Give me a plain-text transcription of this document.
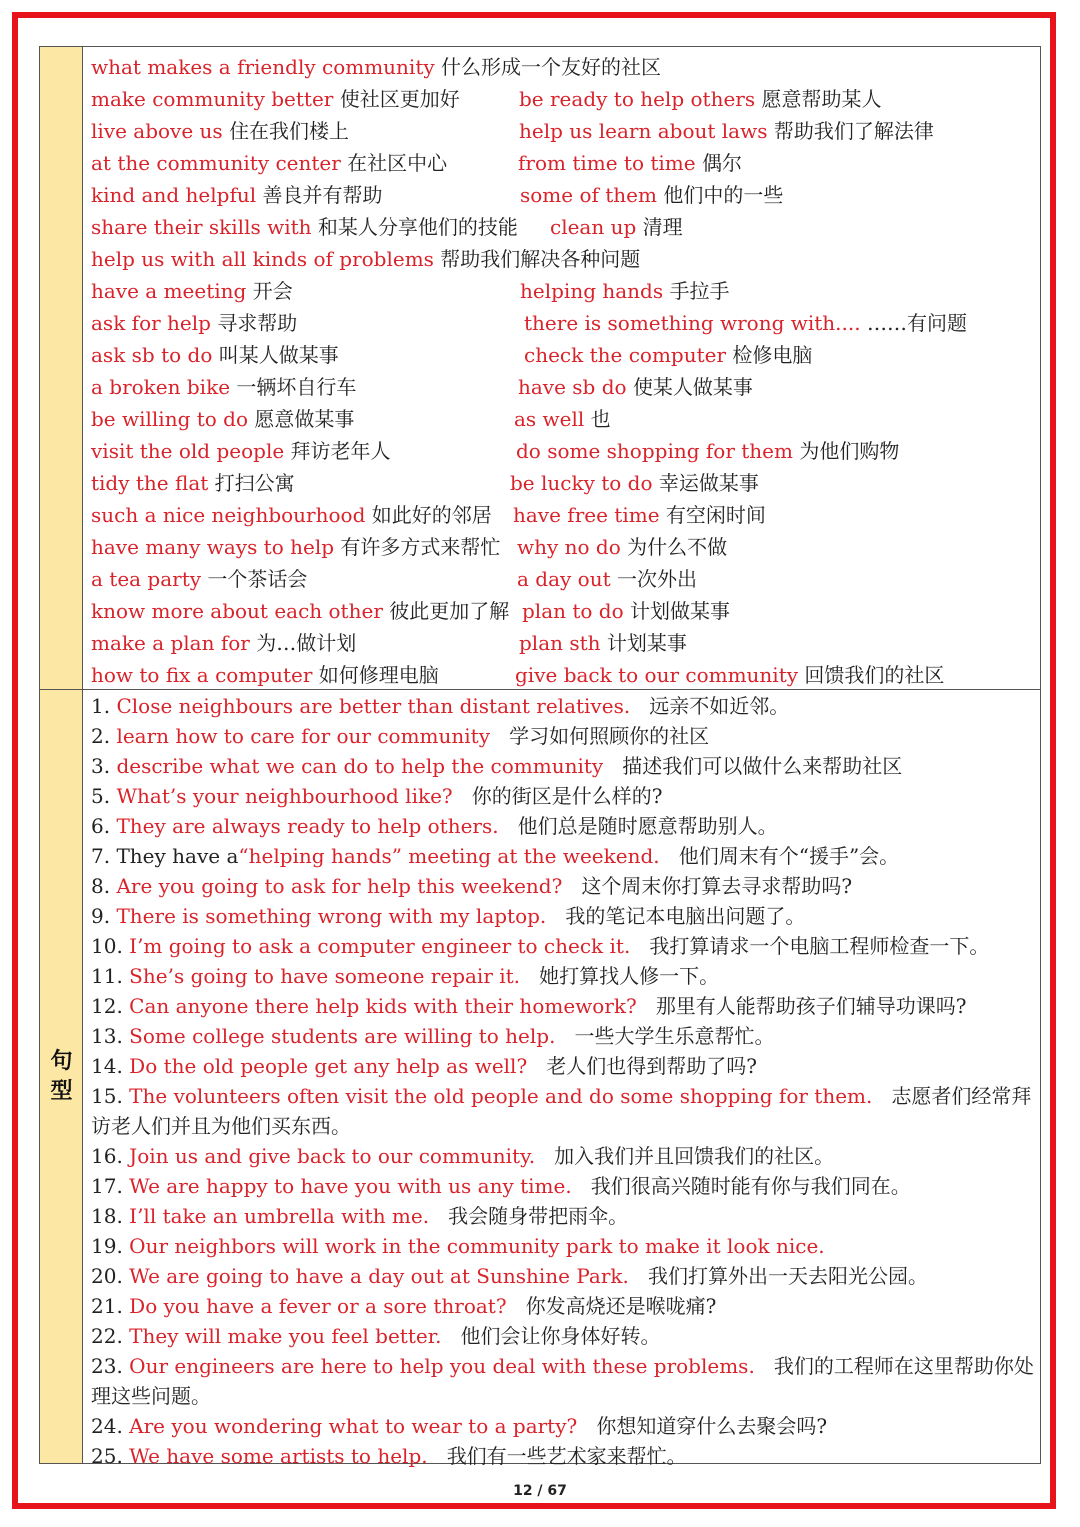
句型
what makes a friendly community 什么形成一个友好的社区
make community better 使社区更加好	be ready to help others 愿意帮助某人
live above us 住在我们楼上	help us learn about laws 帮助我们了解法律
at the community center 在社区中心	from time to time 偶尔
kind and helpful 善良并有帮助	some of them 他们中的一些
share their skills with 和某人分享他们的技能 clean up 清理
help us with all kinds of problems 帮助我们解决各种问题
have a meeting 开会	helping hands 手拉手
ask for help 寻求帮助	there is something wrong with.... ……有问题
ask sb to do 叫某人做某事	check the computer 检修电脑
a broken bike 一辆坏自行车	have sb do 使某人做某事
be willing to do 愿意做某事	as well 也
visit the old people 拜访老年人	do some shopping for them 为他们购物
tidy the flat 打扫公寓	be lucky to do 幸运做某事
such a nice neighbourhood 如此好的邻居 have free time 有空闲时间
have many ways to help 有许多方式来帮忙 why no do 为什么不做
a tea party 一个茶话会	a day out 一次外出
know more about each other 彼此更加了解 plan to do 计划做某事
make a plan for 为…做计划	plan sth 计划某事
how to fix a computer 如何修理电脑	give back to our community 回馈我们的社区
1. Close neighbours are better than distant relatives. 远亲不如近邻。
2. learn how to care for our community 学习如何照顾你的社区
3. describe what we can do to help the community 描述我们可以做什么来帮助社区
5. What’s your neighbourhood like? 你的街区是什么样的?
6. They are always ready to help others. 他们总是随时愿意帮助别人。
7. They have a“helping hands” meeting at the weekend. 他们周末有个“援手”会。
8. Are you going to ask for help this weekend? 这个周末你打算去寻求帮助吗?
9. There is something wrong with my laptop. 我的笔记本电脑出问题了。
10. I’m going to ask a computer engineer to check it. 我打算请求一个电脑工程师检查一下。
11. She’s going to have someone repair it. 她打算找人修一下。
12. Can anyone there help kids with their homework? 那里有人能帮助孩子们辅导功课吗?
13. Some college students are willing to help. 一些大学生乐意帮忙。
14. Do the old people get any help as well? 老人们也得到帮助了吗?
15. The volunteers often visit the old people and do some shopping for them. 志愿者们经常拜访老人们并且为他们买东西。
16. Join us and give back to our community. 加入我们并且回馈我们的社区。
17. We are happy to have you with us any time. 我们很高兴随时能有你与我们同在。
18. I’ll take an umbrella with me. 我会随身带把雨伞。
19. Our neighbors will work in the community park to make it look nice.
20. We are going to have a day out at Sunshine Park. 我们打算外出一天去阳光公园。
21. Do you have a fever or a sore throat? 你发高烧还是喉咙痛?
22. They will make you feel better. 他们会让你身体好转。
23. Our engineers are here to help you deal with these problems. 我们的工程师在这里帮助你处理这些问题。
24. Are you wondering what to wear to a party? 你想知道穿什么去聚会吗?
25. We have some artists to help. 我们有一些艺术家来帮忙。
12 / 67
